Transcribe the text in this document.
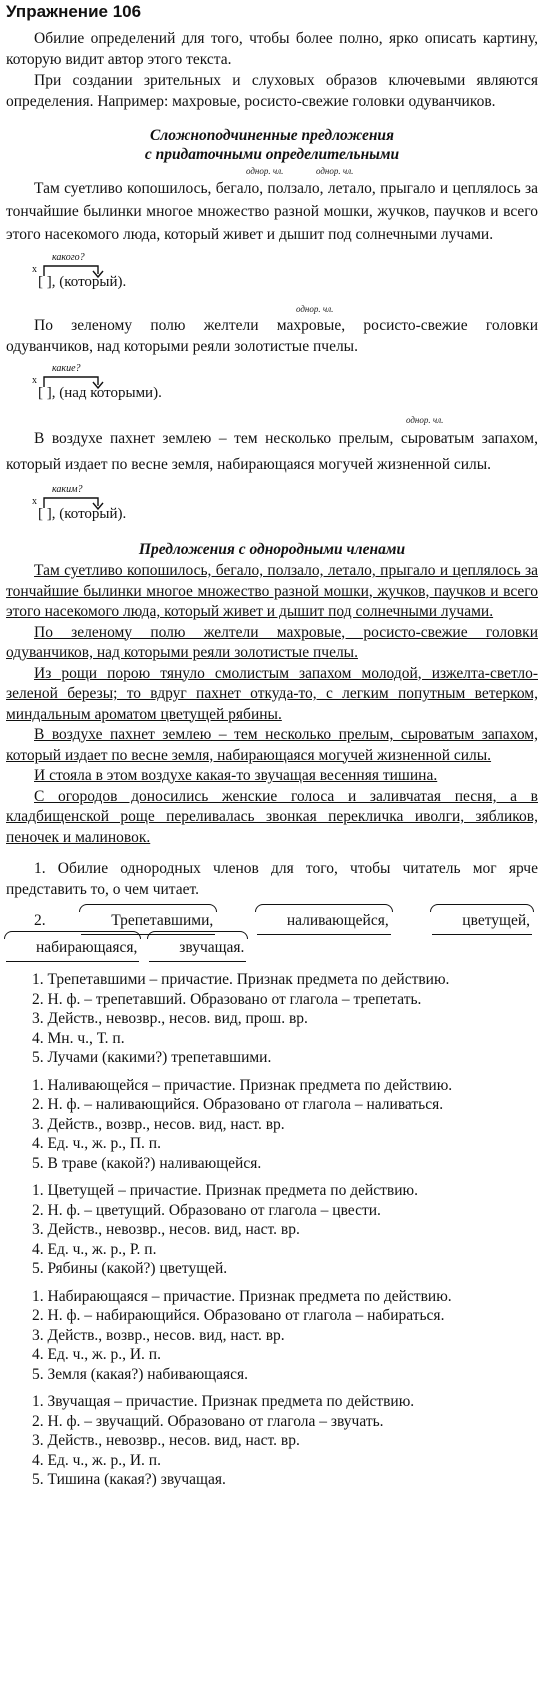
Упражнение 106

Обилие определений для того, чтобы более полно, ярко описать картину, которую видит автор этого текста.

При создании зрительных и слуховых образов ключевыми являются определения. Например: махровые, росисто-свежие головки одуванчиков.

Сложноподчиненные предложения
с придаточными определительными
однор. чл.	однор. чл.

Там суетливо копошилось, бегало, ползало, летало, прыгало и цеплялось за тончайшие былинки многое множество разной мошки, жучков, паучков и всего этого насекомого люда, который живет и дышит под солнечными лучами.

какого?
x
[ ], (который).
однор. чл.

По зеленому полю желтели махровые, росисто-свежие головки одуванчиков, над которыми реяли золотистые пчелы.

какие?
x
[ ], (над которыми).
однор. чл.

В воздухе пахнет землею – тем несколько прелым, сыроватым запахом, который издает по весне земля, набирающаяся могучей жизненной силы.

каким?
x
[ ], (который).
Предложения с однородными членами

Там суетливо копошилось, бегало, ползало, летало, прыгало и цеплялось за тончайшие былинки многое множество разной мошки, жучков, паучков и всего этого насекомого люда, который живет и дышит под солнечными лучами.

По зеленому полю желтели махровые, росисто-свежие головки одуванчиков, над которыми реяли золотистые пчелы.

Из рощи порою тянуло смолистым запахом молодой, изжелта-светло-зеленой березы; то вдруг пахнет откуда-то, с легким попутным ветерком, миндальным ароматом цветущей рябины.

В воздухе пахнет землею – тем несколько прелым, сыроватым запахом, который издает по весне земля, набирающаяся могучей жизненной силы.

И стояла в этом воздухе какая-то звучащая весенняя тишина.

С огородов доносились женские голоса и заливчатая песня, а в кладбищенской роще переливалась звонкая перекличка иволги, зябликов, пеночек и малиновок.

1. Обилие однородных членов для того, чтобы читатель мог ярче представить то, о чем читает.

2.	Трепетавшими,	наливающейся,	цветущей, набирающаяся,	звучащая.

1. Трепетавшими – причастие. Признак предмета по действию.
2. Н. ф. – трепетавший. Образовано от глагола – трепетать.
3. Действ., невозвр., несов. вид, прош. вр.
4. Мн. ч., Т. п.
5. Лучами (какими?) трепетавшими.
1. Наливающейся – причастие. Признак предмета по действию.
2. Н. ф. – наливающийся. Образовано от глагола – наливаться.
3. Действ., возвр., несов. вид, наст. вр.
4. Ед. ч., ж. р., П. п.
5. В траве (какой?) наливающейся.
1. Цветущей – причастие. Признак предмета по действию.
2. Н. ф. – цветущий. Образовано от глагола – цвести.
3. Действ., невозвр., несов. вид, наст. вр.
4. Ед. ч., ж. р., Р. п.
5. Рябины (какой?) цветущей.
1. Набирающаяся – причастие. Признак предмета по действию.
2. Н. ф. – набирающийся. Образовано от глагола – набираться.
3. Действ., возвр., несов. вид, наст. вр.
4. Ед. ч., ж. р., И. п.
5. Земля (какая?) набивающаяся.
1. Звучащая – причастие. Признак предмета по действию.
2. Н. ф. – звучащий. Образовано от глагола – звучать.
3. Действ., невозвр., несов. вид, наст. вр.
4. Ед. ч., ж. р., И. п.
5. Тишина (какая?) звучащая.
